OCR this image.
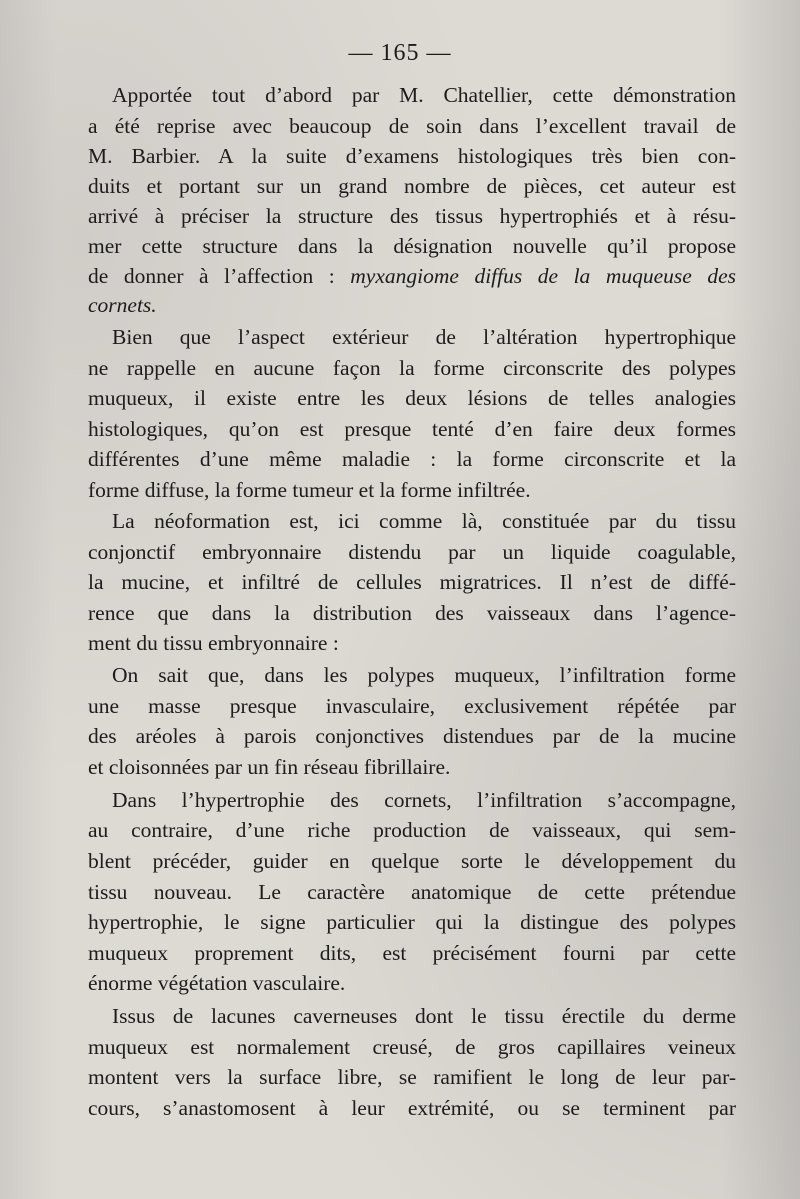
— 165 —
Apportée tout d’abord par M. Chatellier, cette démonstration
a été reprise avec beaucoup de soin dans l’excellent travail de
M. Barbier. A la suite d’examens histologiques très bien con-
duits et portant sur un grand nombre de pièces, cet auteur est
arrivé à préciser la structure des tissus hypertrophiés et à résu-
mer cette structure dans la désignation nouvelle qu’il propose
de donner à l’affection : myxangiome diffus de la muqueuse des
cornets.
Bien que l’aspect extérieur de l’altération hypertrophique
ne rappelle en aucune façon la forme circonscrite des polypes
muqueux, il existe entre les deux lésions de telles analogies
histologiques, qu’on est presque tenté d’en faire deux formes
différentes d’une même maladie : la forme circonscrite et la
forme diffuse, la forme tumeur et la forme infiltrée.
La néoformation est, ici comme là, constituée par du tissu
conjonctif embryonnaire distendu par un liquide coagulable,
la mucine, et infiltré de cellules migratrices. Il n’est de diffé-
rence que dans la distribution des vaisseaux dans l’agence-
ment du tissu embryonnaire :
On sait que, dans les polypes muqueux, l’infiltration forme
une masse presque invasculaire, exclusivement répétée par
des aréoles à parois conjonctives distendues par de la mucine
et cloisonnées par un fin réseau fibrillaire.
Dans l’hypertrophie des cornets, l’infiltration s’accompagne,
au contraire, d’une riche production de vaisseaux, qui sem-
blent précéder, guider en quelque sorte le développement du
tissu nouveau. Le caractère anatomique de cette prétendue
hypertrophie, le signe particulier qui la distingue des polypes
muqueux proprement dits, est précisément fourni par cette
énorme végétation vasculaire.
Issus de lacunes caverneuses dont le tissu érectile du derme
muqueux est normalement creusé, de gros capillaires veineux
montent vers la surface libre, se ramifient le long de leur par-
cours, s’anastomosent à leur extrémité, ou se terminent par
